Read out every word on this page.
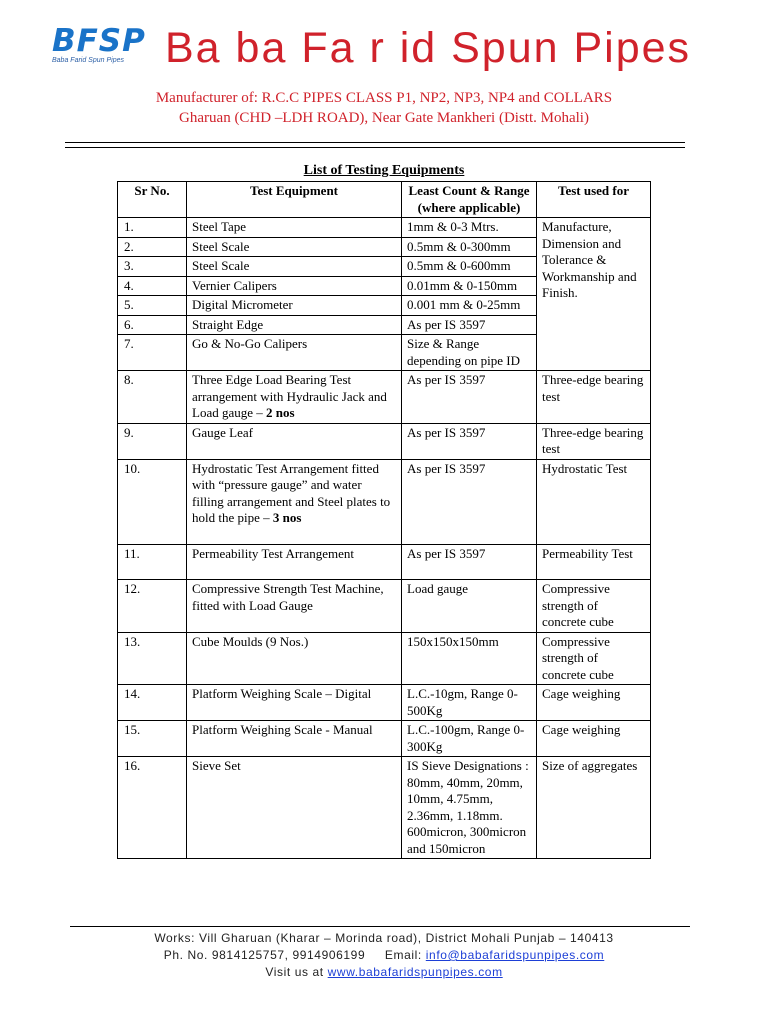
BFSP
Baba Farid Spun Pipes Ba ba Fa r id Spun Pipes
Manufacturer of: R.C.C PIPES CLASS P1, NP2, NP3, NP4 and COLLARS
Gharuan (CHD –LDH ROAD), Near Gate Mankheri (Distt. Mohali)
List of Testing Equipments
Sr No.	Test Equipment	Least Count & Range (where applicable)	Test used for
1.	Steel Tape	1mm & 0-3 Mtrs.	Manufacture, Dimension and Tolerance & Workmanship and Finish.
2.	Steel Scale	0.5mm & 0-300mm	
3.	Steel Scale	0.5mm & 0-600mm	
4.	Vernier Calipers	0.01mm & 0-150mm	
5.	Digital Micrometer	0.001 mm & 0-25mm	
6.	Straight Edge	As per IS 3597	
7.	Go & No-Go Calipers	Size & Range depending on pipe ID	
8.	Three Edge Load Bearing Test arrangement with Hydraulic Jack and Load gauge – 2 nos	As per IS 3597	Three-edge bearing test
9.	Gauge Leaf	As per IS 3597	Three-edge bearing test
10.	Hydrostatic Test Arrangement fitted with “pressure gauge” and water filling arrangement and Steel plates to hold the pipe – 3 nos	As per IS 3597	Hydrostatic Test
11.	Permeability Test Arrangement	As per IS 3597	Permeability Test
12.	Compressive Strength Test Machine, fitted with Load Gauge	Load gauge	Compressive strength of concrete cube
13.	Cube Moulds (9 Nos.)	150x150x150mm	Compressive strength of concrete cube
14.	Platform Weighing Scale – Digital	L.C.-10gm, Range 0-500Kg	Cage weighing
15.	Platform Weighing Scale - Manual	L.C.-100gm, Range 0-300Kg	Cage weighing
16.	Sieve Set	IS Sieve Designations : 80mm, 40mm, 20mm, 10mm, 4.75mm, 2.36mm, 1.18mm. 600micron, 300micron and 150micron	Size of aggregates
Works: Vill Gharuan (Kharar – Morinda road), District Mohali Punjab – 140413
Ph. No. 9814125757, 9914906199 Email: info@babafaridspunpipes.com
Visit us at www.babafaridspunpipes.com
